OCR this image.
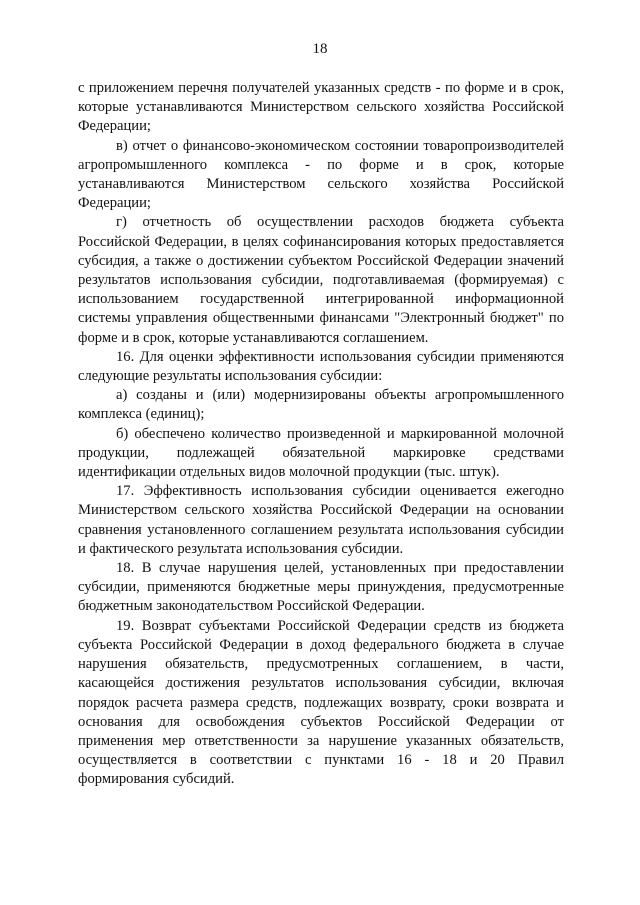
18

с приложением перечня получателей указанных средств - по форме и в срок, которые устанавливаются Министерством сельского хозяйства Российской Федерации;

в) отчет о финансово-экономическом состоянии товаропроизводителей агропромышленного комплекса - по форме и в срок, которые устанавливаются Министерством сельского хозяйства Российской Федерации;

г) отчетность об осуществлении расходов бюджета субъекта Российской Федерации, в целях софинансирования которых предоставляется субсидия, а также о достижении субъектом Российской Федерации значений результатов использования субсидии, подготавливаемая (формируемая) с использованием государственной интегрированной информационной системы управления общественными финансами "Электронный бюджет" по форме и в срок, которые устанавливаются соглашением.

16. Для оценки эффективности использования субсидии применяются следующие результаты использования субсидии:

а) созданы и (или) модернизированы объекты агропромышленного комплекса (единиц);

б) обеспечено количество произведенной и маркированной молочной продукции, подлежащей обязательной маркировке средствами идентификации отдельных видов молочной продукции (тыс. штук).

17. Эффективность использования субсидии оценивается ежегодно Министерством сельского хозяйства Российской Федерации на основании сравнения установленного соглашением результата использования субсидии и фактического результата использования субсидии.

18. В случае нарушения целей, установленных при предоставлении субсидии, применяются бюджетные меры принуждения, предусмотренные бюджетным законодательством Российской Федерации.

19. Возврат субъектами Российской Федерации средств из бюджета субъекта Российской Федерации в доход федерального бюджета в случае нарушения обязательств, предусмотренных соглашением, в части, касающейся достижения результатов использования субсидии, включая порядок расчета размера средств, подлежащих возврату, сроки возврата и основания для освобождения субъектов Российской Федерации от применения мер ответственности за нарушение указанных обязательств, осуществляется в соответствии с пунктами 16 - 18 и 20 Правил формирования субсидий.
